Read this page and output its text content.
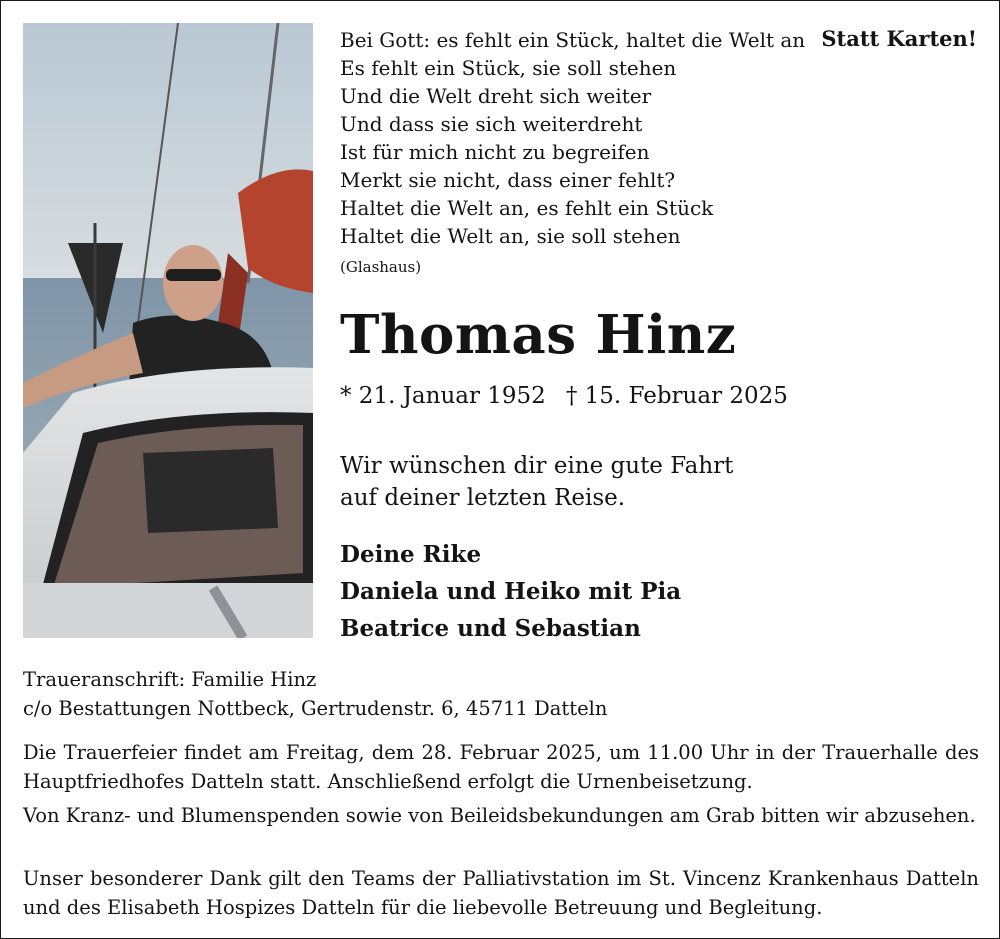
Statt Karten!
Bei Gott: es fehlt ein Stück, haltet die Welt an
Es fehlt ein Stück, sie soll stehen
Und die Welt dreht sich weiter
Und dass sie sich weiterdreht
Ist für mich nicht zu begreifen
Merkt sie nicht, dass einer fehlt?
Haltet die Welt an, es fehlt ein Stück
Haltet die Welt an, sie soll stehen
(Glashaus)
Thomas Hinz
* 21. Januar 1952 † 15. Februar 2025
Wir wünschen dir eine gute Fahrt
auf deiner letzten Reise.
Deine Rike
Daniela und Heiko mit Pia
Beatrice und Sebastian
Traueranschrift: Familie Hinz
c/o Bestattungen Nottbeck, Gertrudenstr. 6, 45711 Datteln
Die Trauerfeier findet am Freitag, dem 28. Februar 2025, um 11.00 Uhr in der Trauerhalle des Hauptfriedhofes Datteln statt. Anschließend erfolgt die Urnenbeisetzung.
Von Kranz- und Blumenspenden sowie von Beileidsbekundungen am Grab bitten wir abzusehen.
Unser besonderer Dank gilt den Teams der Palliativstation im St. Vincenz Krankenhaus Datteln und des Elisabeth Hospizes Datteln für die liebevolle Betreuung und Begleitung.
